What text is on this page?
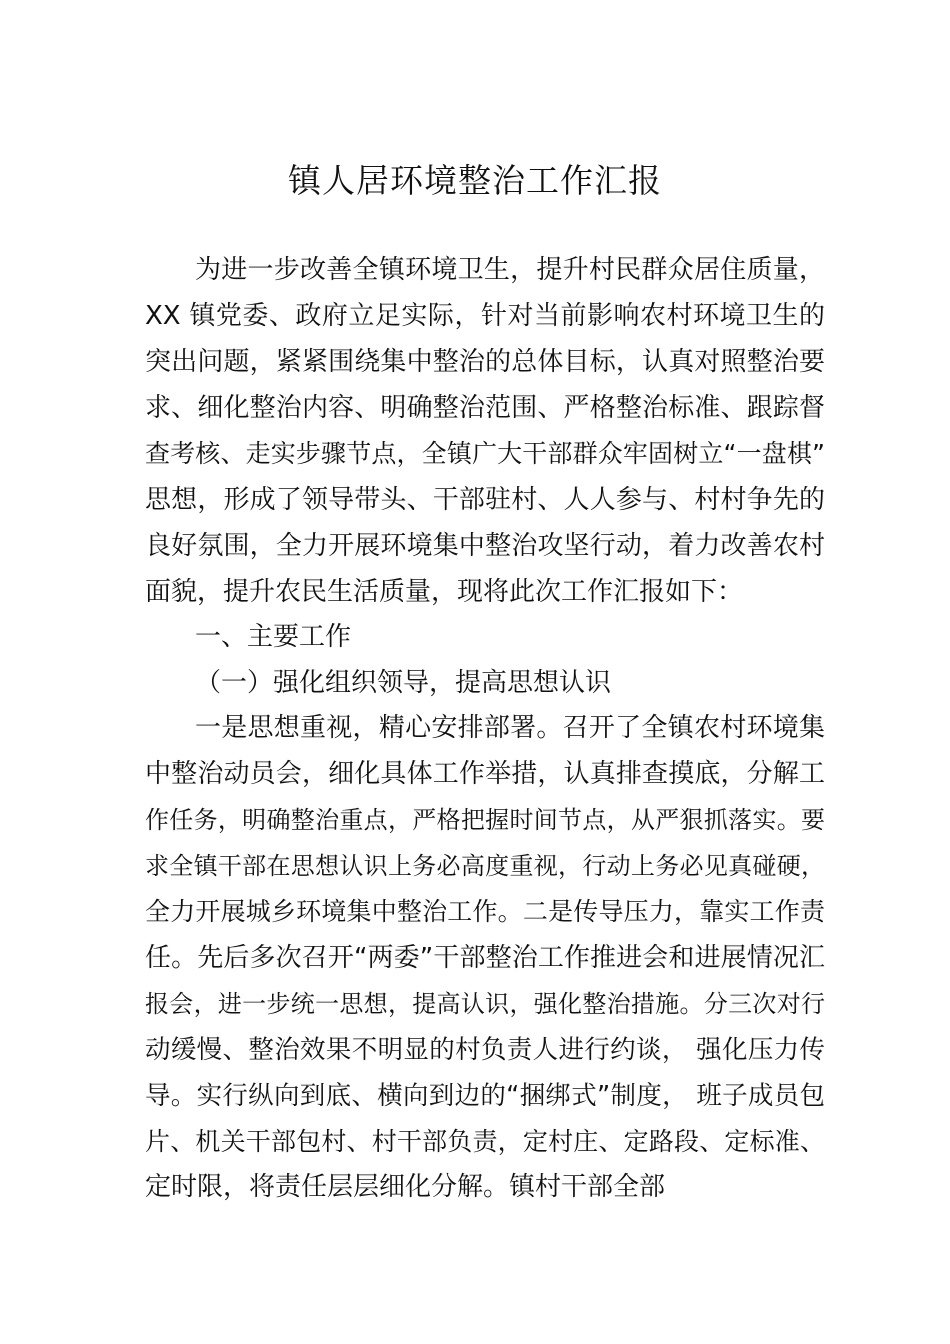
镇人居环境整治工作汇报

为进一步改善全镇环境卫生，提升村民群众居住质量，

XX 镇党委、政府立足实际，针对当前影响农村环境卫生的

突出问题，紧紧围绕集中整治的总体目标，认真对照整治要

求、细化整治内容、明确整治范围、严格整治标准、跟踪督

查考核、走实步骤节点，全镇广大干部群众牢固树立“一盘棋”

思想，形成了领导带头、干部驻村、人人参与、村村争先的

良好氛围，全力开展环境集中整治攻坚行动，着力改善农村

面貌，提升农民生活质量，现将此次工作汇报如下：

一、主要工作

（一）强化组织领导，提高思想认识

一是思想重视，精心安排部署。召开了全镇农村环境集

中整治动员会，细化具体工作举措，认真排查摸底，分解工

作任务，明确整治重点，严格把握时间节点，从严狠抓落实。要

求全镇干部在思想认识上务必高度重视，行动上务必见真碰硬，

全力开展城乡环境集中整治工作。二是传导压力，靠实工作责

任。先后多次召开“两委”干部整治工作推进会和进展情况汇

报会，进一步统一思想，提高认识，强化整治措施。分三次对行

动缓慢、整治效果不明显的村负责人进行约谈， 强化压力传

导。实行纵向到底、横向到边的“捆绑式”制度， 班子成员包

片、机关干部包村、村干部负责，定村庄、定路段、定标准、

定时限，将责任层层细化分解。镇村干部全部
